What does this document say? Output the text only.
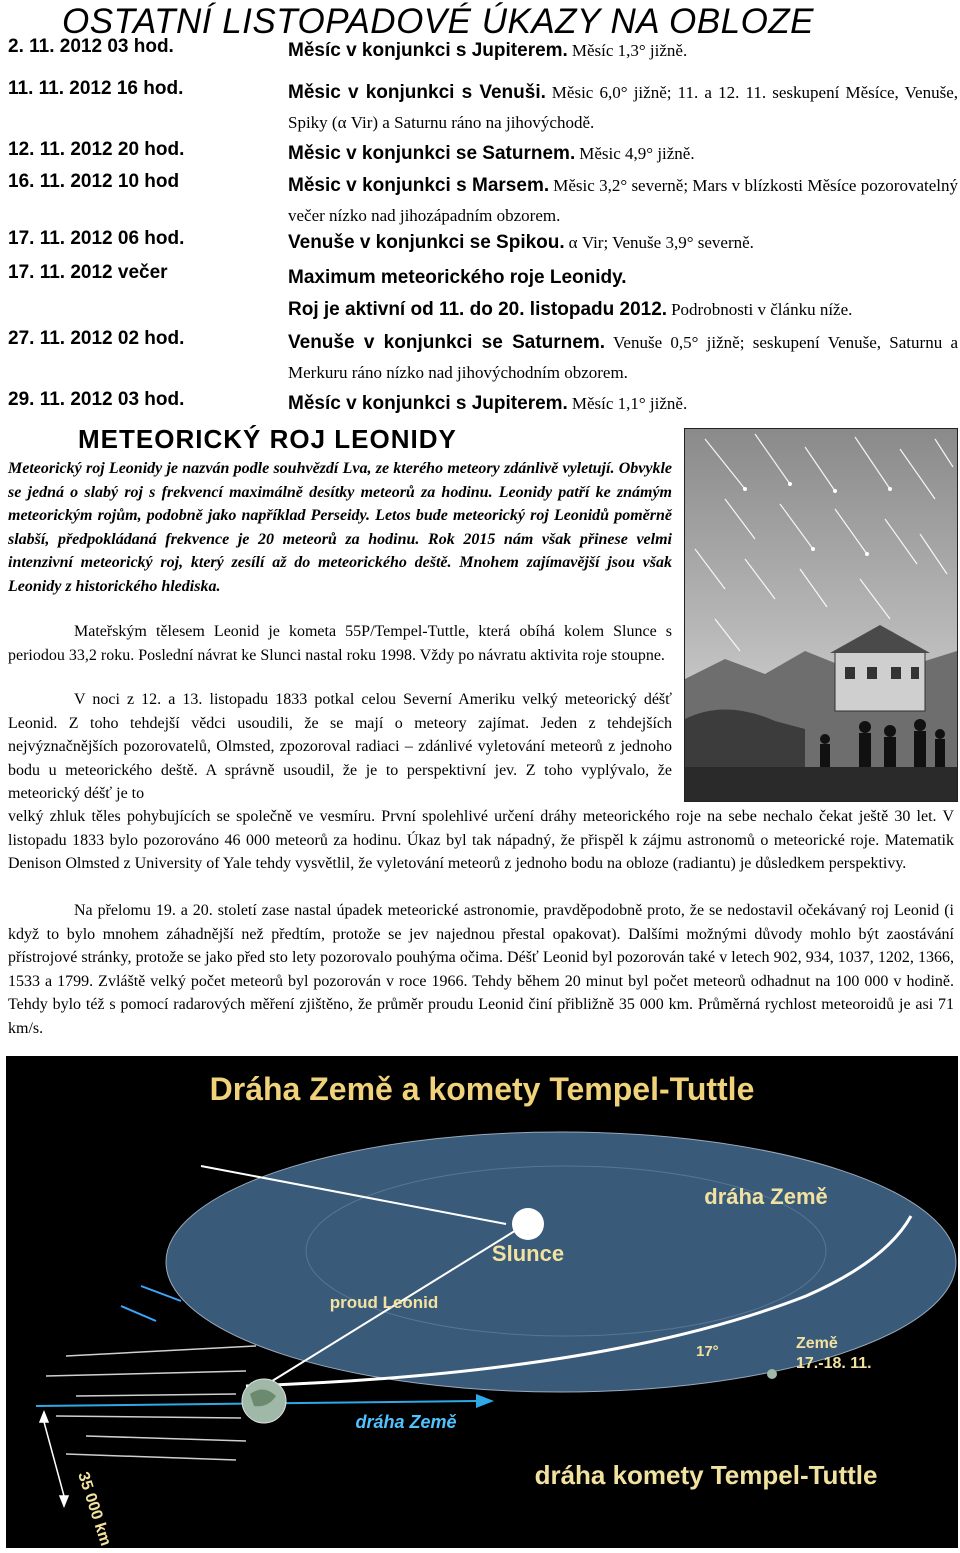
OSTATNÍ LISTOPADOVÉ ÚKAZY NA OBLOZE
2. 11. 2012 03 hod.	Měsíc v konjunkci s Jupiterem. Měsíc 1,3° jižně.
11. 11. 2012 16 hod.	Měsic v konjunkci s Venuši. Měsic 6,0° jižně; 11. a 12. 11. seskupení Měsíce, Venuše, Spiky (α Vir) a Saturnu ráno na jihovýchodě.
12. 11. 2012 20 hod.	Měsic v konjunkci se Saturnem. Měsic 4,9° jižně.
16. 11. 2012 10 hod	Měsic v konjunkci s Marsem. Měsic 3,2° severně; Mars v blízkosti Měsíce pozorovatelný večer nízko nad jihozápadním obzorem.
17. 11. 2012 06 hod.	Venuše v konjunkci se Spikou. α Vir; Venuše 3,9° severně.
17. 11. 2012 večer	Maximum meteorického roje Leonidy.
Roj je aktivní od 11. do 20. listopadu 2012. Podrobnosti v článku níže.
27. 11. 2012 02 hod.	Venuše v konjunkci se Saturnem. Venuše 0,5° jižně; seskupení Venuše, Saturnu a Merkuru ráno nízko nad jihovýchodním obzorem.
29. 11. 2012 03 hod.	Měsíc v konjunkci s Jupiterem. Měsíc 1,1° jižně.
METEORICKÝ ROJ LEONIDY
Meteorický roj Leonidy je nazván podle souhvězdí Lva, ze kterého meteory zdánlivě vyletují. Obvykle se jedná o slabý roj s frekvencí maximálně desítky meteorů za hodinu. Leonidy patří ke známým meteorickým rojům, podobně jako například Perseidy. Letos bude meteorický roj Leonidů poměrně slabší, předpokládaná frekvence je 20 meteorů za hodinu. Rok 2015 nám však přinese velmi intenzivní meteorický roj, který zesílí až do meteorického deště. Mnohem zajímavější jsou však Leonidy z historického hlediska.
Mateřským tělesem Leonid je kometa 55P/Tempel-Tuttle, která obíhá kolem Slunce s periodou 33,2 roku. Poslední návrat ke Slunci nastal roku 1998. Vždy po návratu aktivita roje stoupne.
V noci z 12. a 13. listopadu 1833 potkal celou Severní Ameriku velký meteorický déšť Leonid. Z toho tehdejší vědci usoudili, že se mají o meteory zajímat. Jeden z tehdejších nejvýznačnějších pozorovatelů, Olmsted, zpozoroval radiaci – zdánlivé vyletování meteorů z jednoho bodu u meteorického deště. A správně usoudil, že je to perspektivní jev. Z toho vyplývalo, že meteorický déšť je to
velký zhluk těles pohybujících se společně ve vesmíru. První spolehlivé určení dráhy meteorického roje na sebe nechalo čekat ještě 30 let. V listopadu 1833 bylo pozorováno 46 000 meteorů za hodinu. Úkaz byl tak nápadný, že přispěl k zájmu astronomů o meteorické roje. Matematik Denison Olmsted z University of Yale tehdy vysvětlil, že vyletování meteorů z jednoho bodu na obloze (radiantu) je důsledkem perspektivy.
Na přelomu 19. a 20. století zase nastal úpadek meteorické astronomie, pravděpodobně proto, že se nedostavil očekávaný roj Leonid (i když to bylo mnohem záhadnější než předtím, protože se jev najednou přestal opakovat). Dalšími možnými důvody mohlo být zaostávání přístrojové stránky, protože se jako před sto lety pozorovalo pouhýma očima. Déšť Leonid byl pozorován také v letech 902, 934, 1037, 1202, 1366, 1533 a 1799. Zvláště velký počet meteorů byl pozorován v roce 1966. Tehdy během 20 minut byl počet meteorů odhadnut na 100 000 v hodině. Tehdy bylo též s pomocí radarových měření zjištěno, že průměr proudu Leonid činí přibližně 35 000 km. Průměrná rychlost meteoroidů je asi 71 km/s.
Dráha Země a komety Tempel-Tuttle
Slunce
dráha Země
proud Leonid
dráha Země
17°	Země
17.-18. 11.
dráha komety Tempel-Tuttle
35 000 km
